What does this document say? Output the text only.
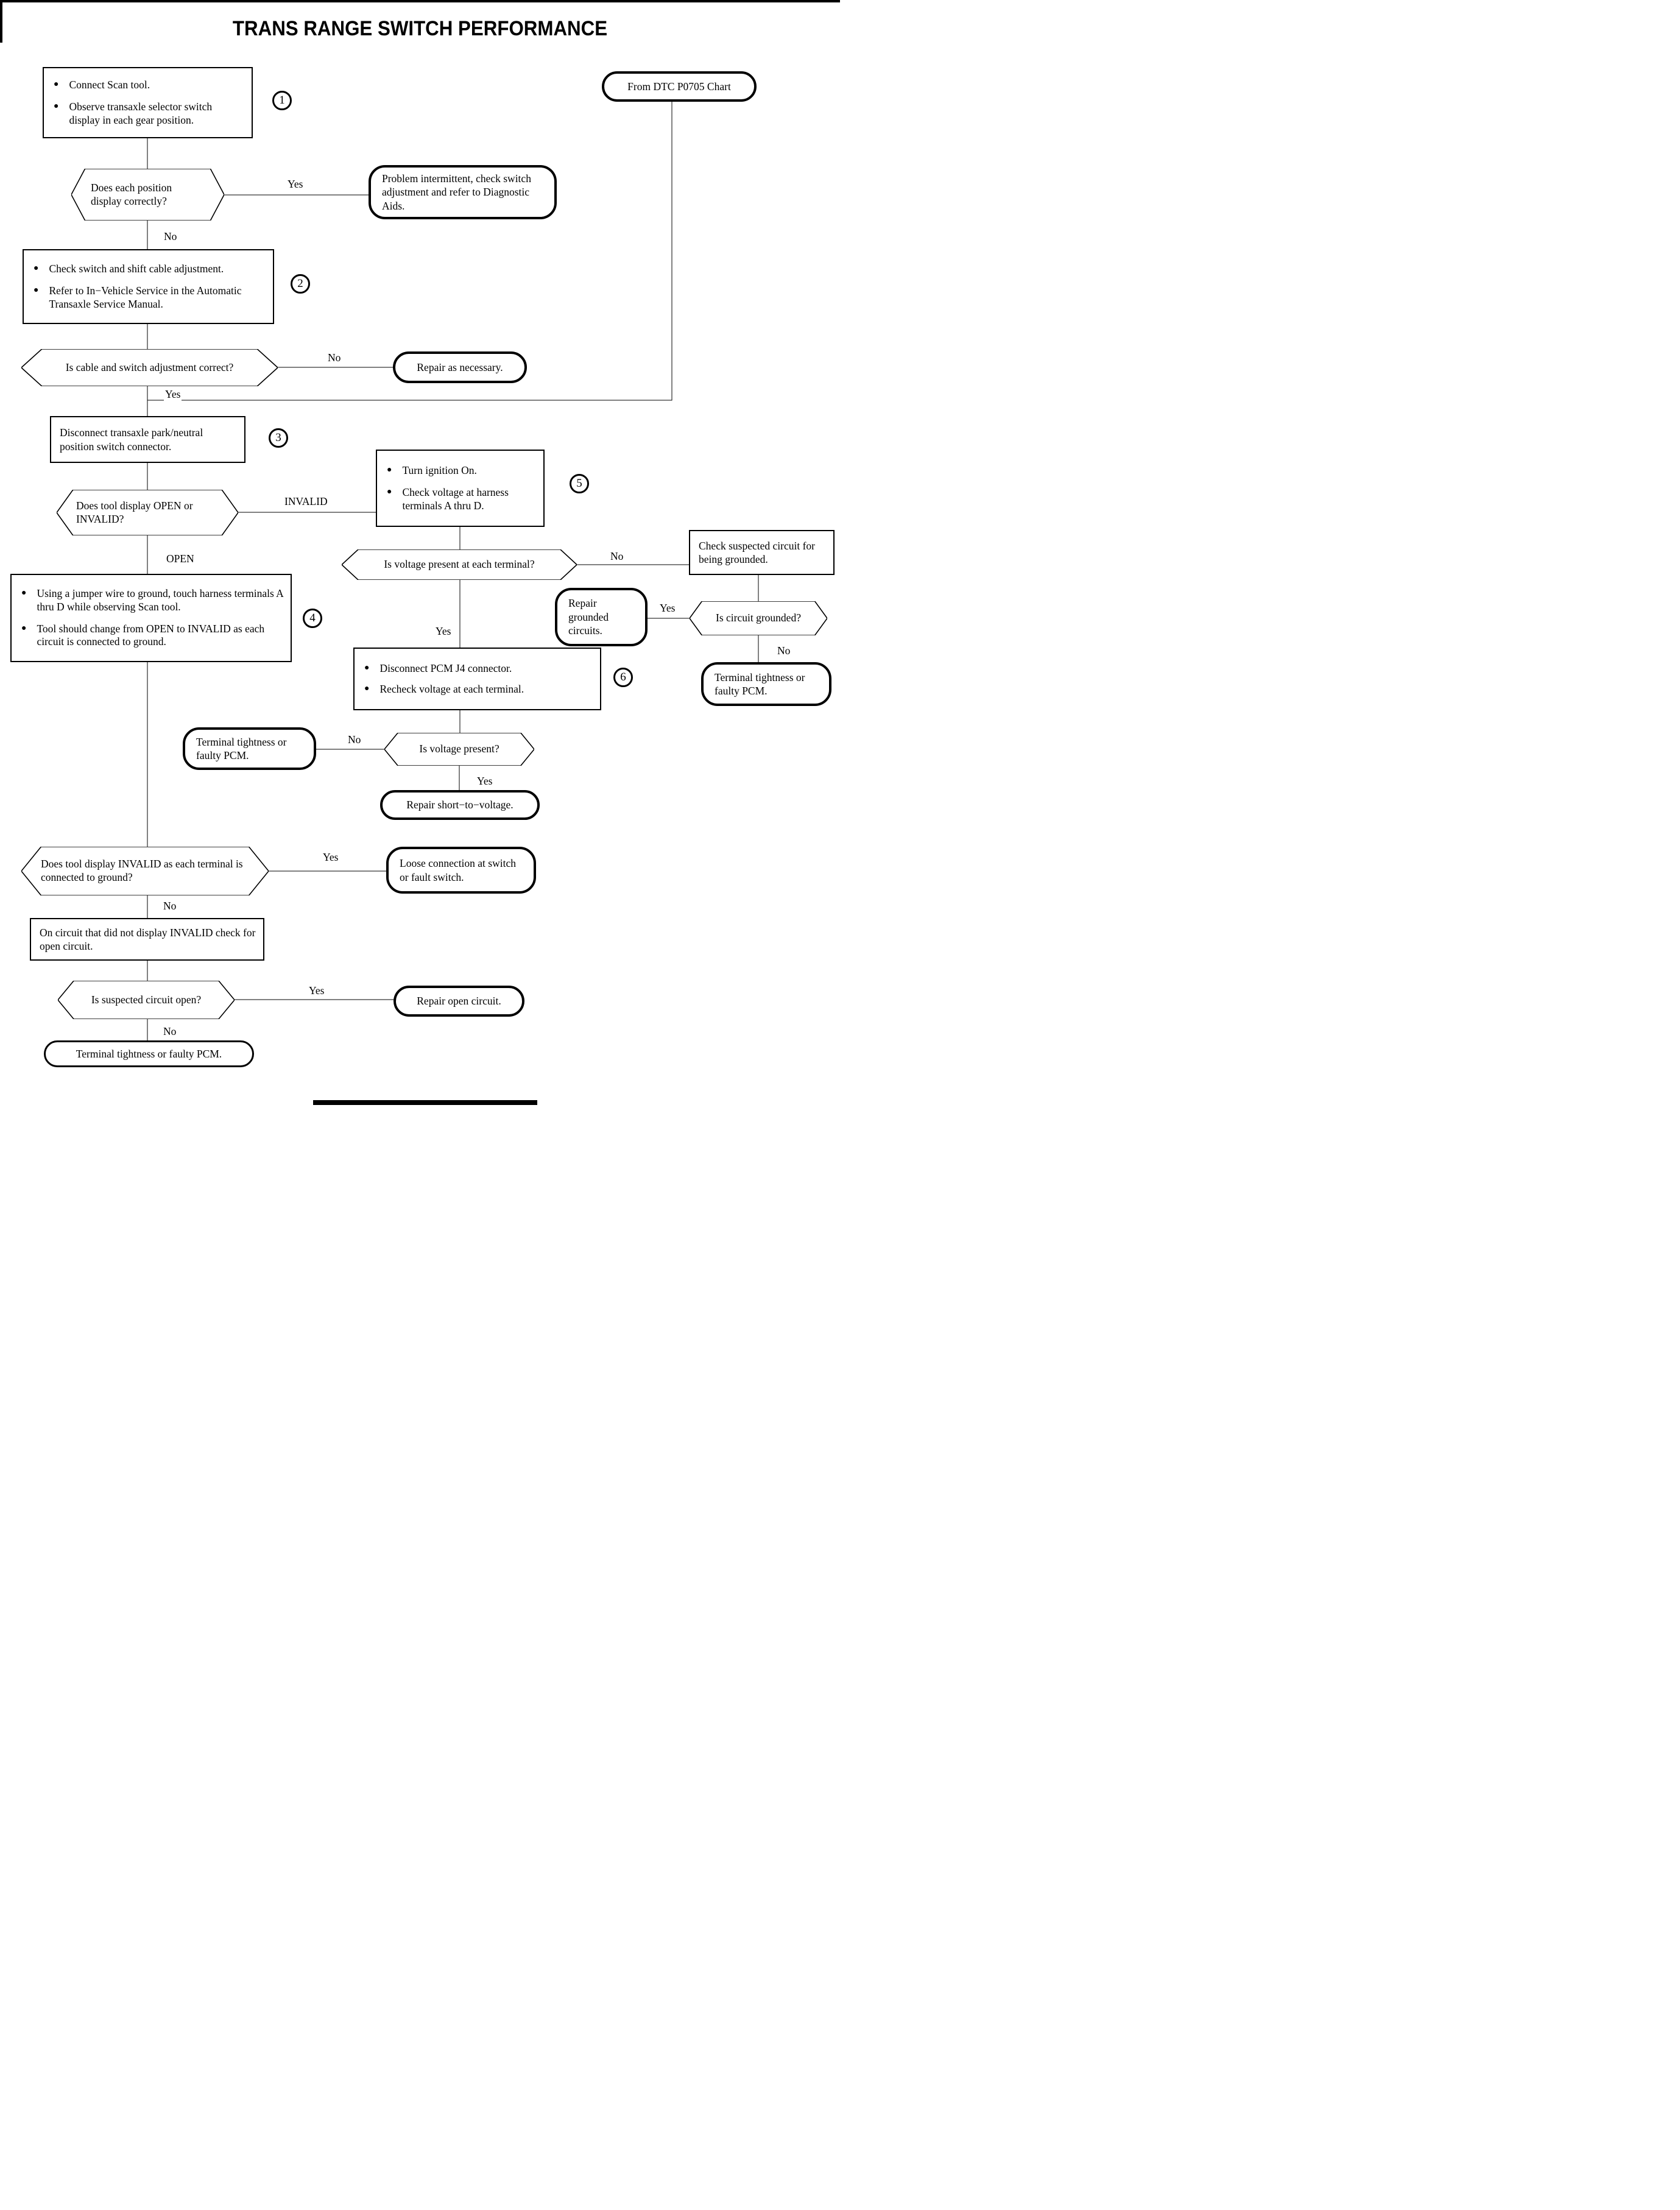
TRANS RANGE SWITCH PERFORMANCE
● Connect Scan tool.
● Observe transaxle selector switch display in each gear position.
1
From DTC P0705 Chart
Does each position display correctly?
Yes
No
Problem intermittent, check switch adjustment and refer to Diagnostic Aids.
● Check switch and shift cable adjustment.
● Refer to In−Vehicle Service in the Automatic Transaxle Service Manual.
2
Is cable and switch adjustment correct?
No
Yes
Repair as necessary.
Disconnect transaxle park/neutral position switch connector.
3
Does tool display OPEN or INVALID?
INVALID
OPEN
● Turn ignition On.
● Check voltage at harness terminals A thru D.
5
Is voltage present at each terminal?
No
Yes
Check suspected circuit for being grounded.
Is circuit grounded?
Yes
No
Repair grounded circuits.
Terminal tightness or faulty PCM.
● Using a jumper wire to ground, touch harness terminals A thru D while observing Scan tool.
● Tool should change from OPEN to INVALID as each circuit is connected to ground.
4
● Disconnect PCM J4 connector.
● Recheck voltage at each terminal.
6
Terminal tightness or faulty PCM.
Is voltage present?
No
Yes
Repair short−to−voltage.
Does tool display INVALID as each terminal is connected to ground?
Yes
No
Loose connection at switch or fault switch.
On circuit that did not display INVALID check for open circuit.
Is suspected circuit open?
Yes
No
Repair open circuit.
Terminal tightness or faulty PCM.
